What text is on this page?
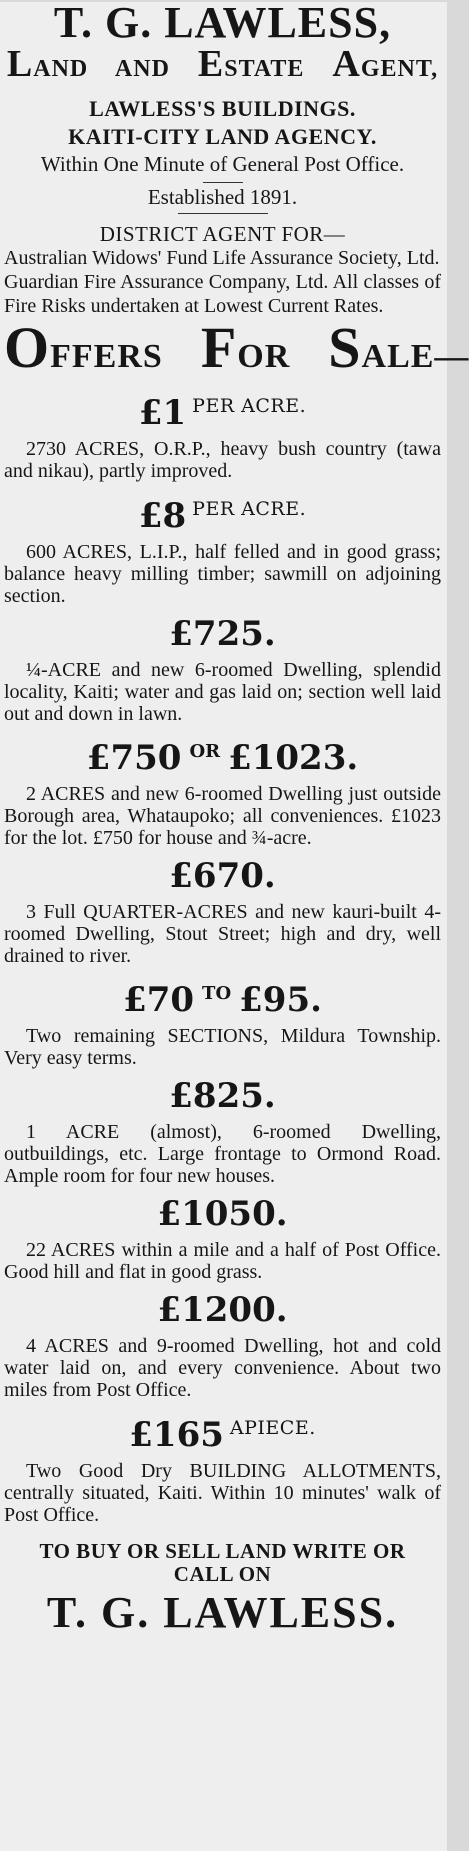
T. G. LAWLESS,
LAND AND ESTATE AGENT,
LAWLESS'S BUILDINGS.
KAITI-CITY LAND AGENCY.
Within One Minute of General Post Office.
Established 1891.
DISTRICT AGENT FOR—
Australian Widows' Fund Life Assurance Society, Ltd.
Guardian Fire Assurance Company, Ltd. All classes of Fire Risks undertaken at Lowest Current Rates.
OFFERS FOR SALE—
£1 $^{PER ACRE.}$
2730 ACRES, O.R.P., heavy bush country (tawa and nikau), partly improved.
£8 $^{PER ACRE.}$
600 ACRES, L.I.P., half felled and in good grass; balance heavy milling timber; sawmill on adjoining section.
£725.
¼-ACRE and new 6-roomed Dwelling, splendid locality, Kaiti; water and gas laid on; section well laid out and down in lawn.
£750 $^{OR}$ £1023.
2 ACRES and new 6-roomed Dwelling just outside Borough area, Whataupoko; all conveniences. £1023 for the lot. £750 for house and ¾-acre.
£670.
3 Full QUARTER-ACRES and new kauri-built 4-roomed Dwelling, Stout Street; high and dry, well drained to river.
£70 $^{TO}$ £95.
Two remaining SECTIONS, Mildura Township. Very easy terms.
£825.
1 ACRE (almost), 6-roomed Dwelling, outbuildings, etc. Large frontage to Ormond Road. Ample room for four new houses.
£1050.
22 ACRES within a mile and a half of Post Office. Good hill and flat in good grass.
£1200.
4 ACRES and 9-roomed Dwelling, hot and cold water laid on, and every convenience. About two miles from Post Office.
£165 $^{APIECE.}$
Two Good Dry BUILDING ALLOTMENTS, centrally situated, Kaiti. Within 10 minutes' walk of Post Office.
TO BUY OR SELL LAND WRITE OR CALL ON
T. G. LAWLESS.
